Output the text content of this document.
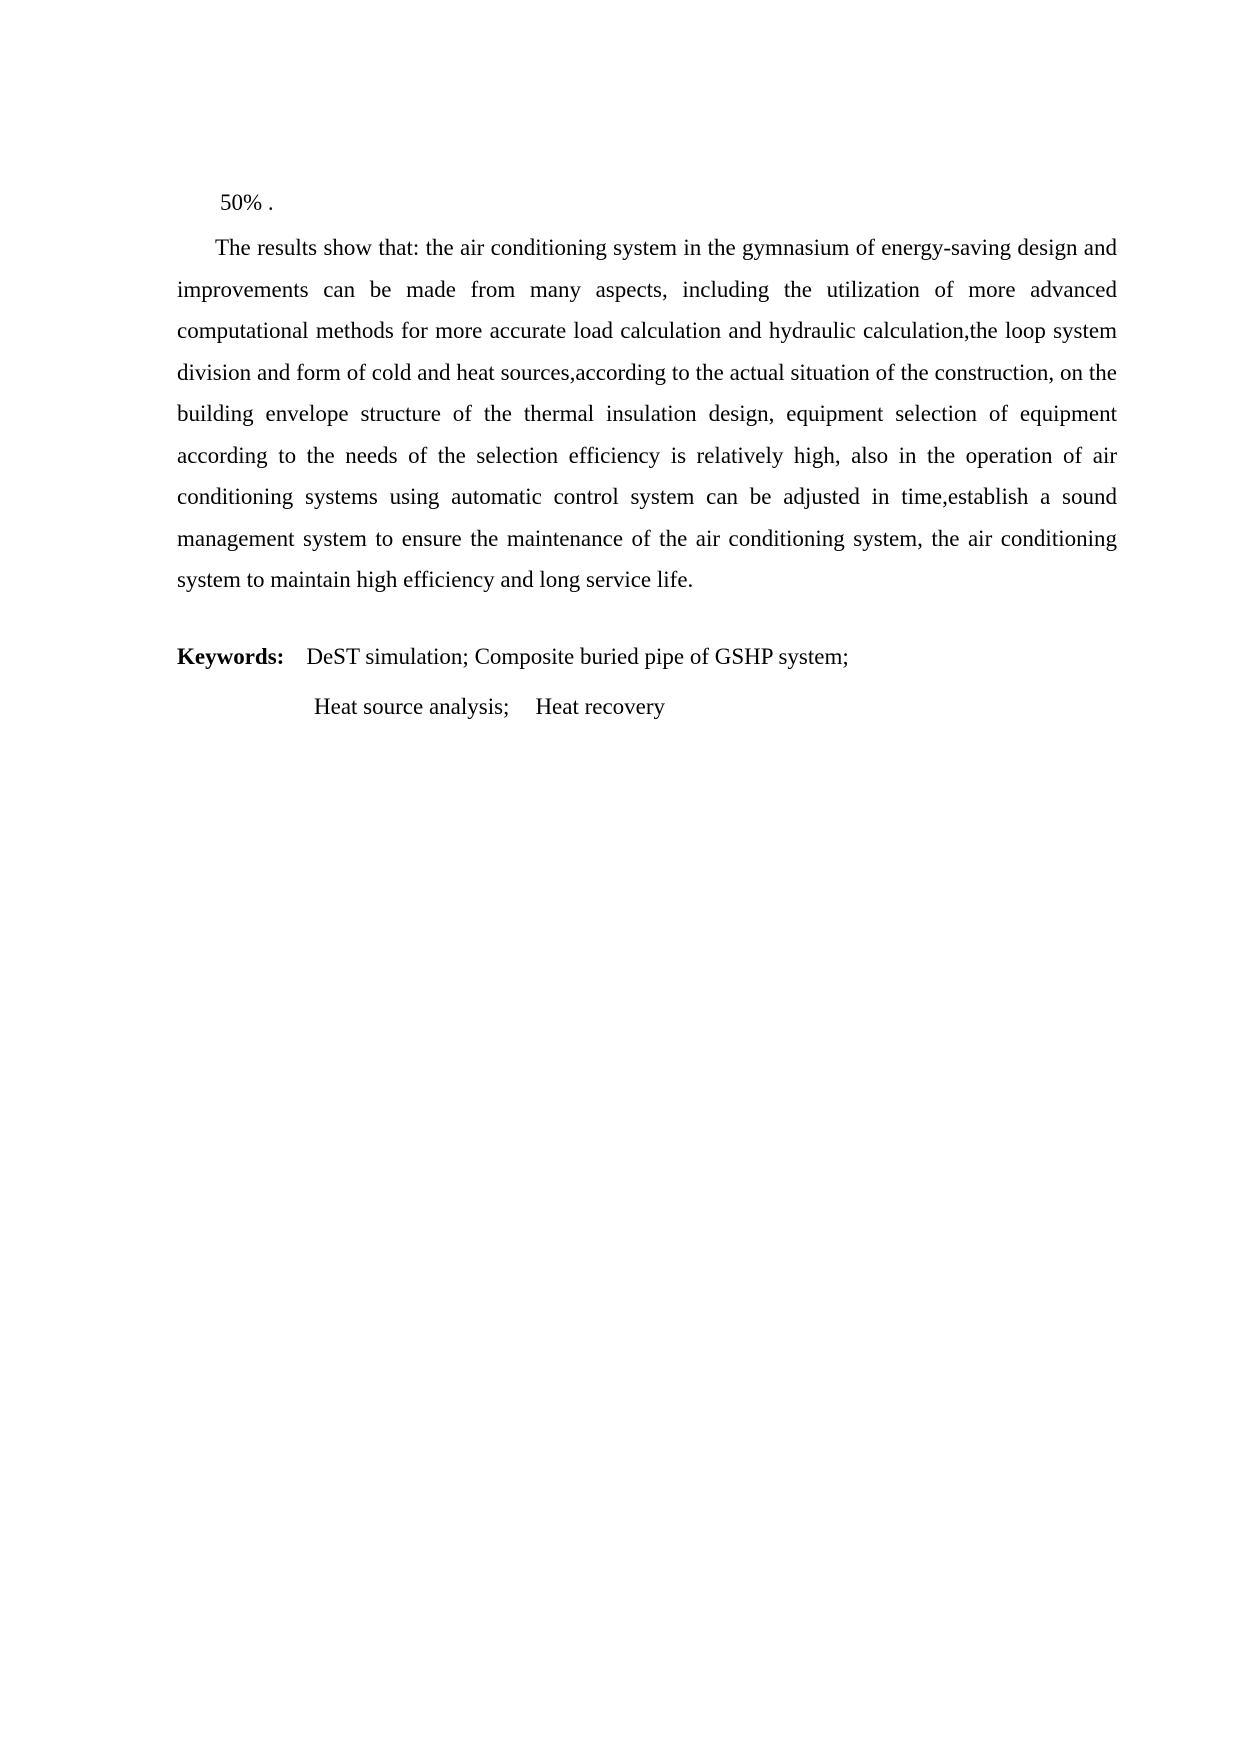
50% .

The results show that: the air conditioning system in the gymnasium of energy-saving design and improvements can be made from many aspects, including the utilization of more advanced computational methods for more accurate load calculation and hydraulic calculation,the loop system division and form of cold and heat sources,according to the actual situation of the construction, on the building envelope structure of the thermal insulation design, equipment selection of equipment according to the needs of the selection efficiency is relatively high, also in the operation of air conditioning systems using automatic control system can be adjusted in time,establish a sound management system to ensure the maintenance of the air conditioning system, the air conditioning system to maintain high efficiency and long service life.

Keywords: DeST simulation; Composite buried pipe of GSHP system;
Heat source analysis; Heat recovery
